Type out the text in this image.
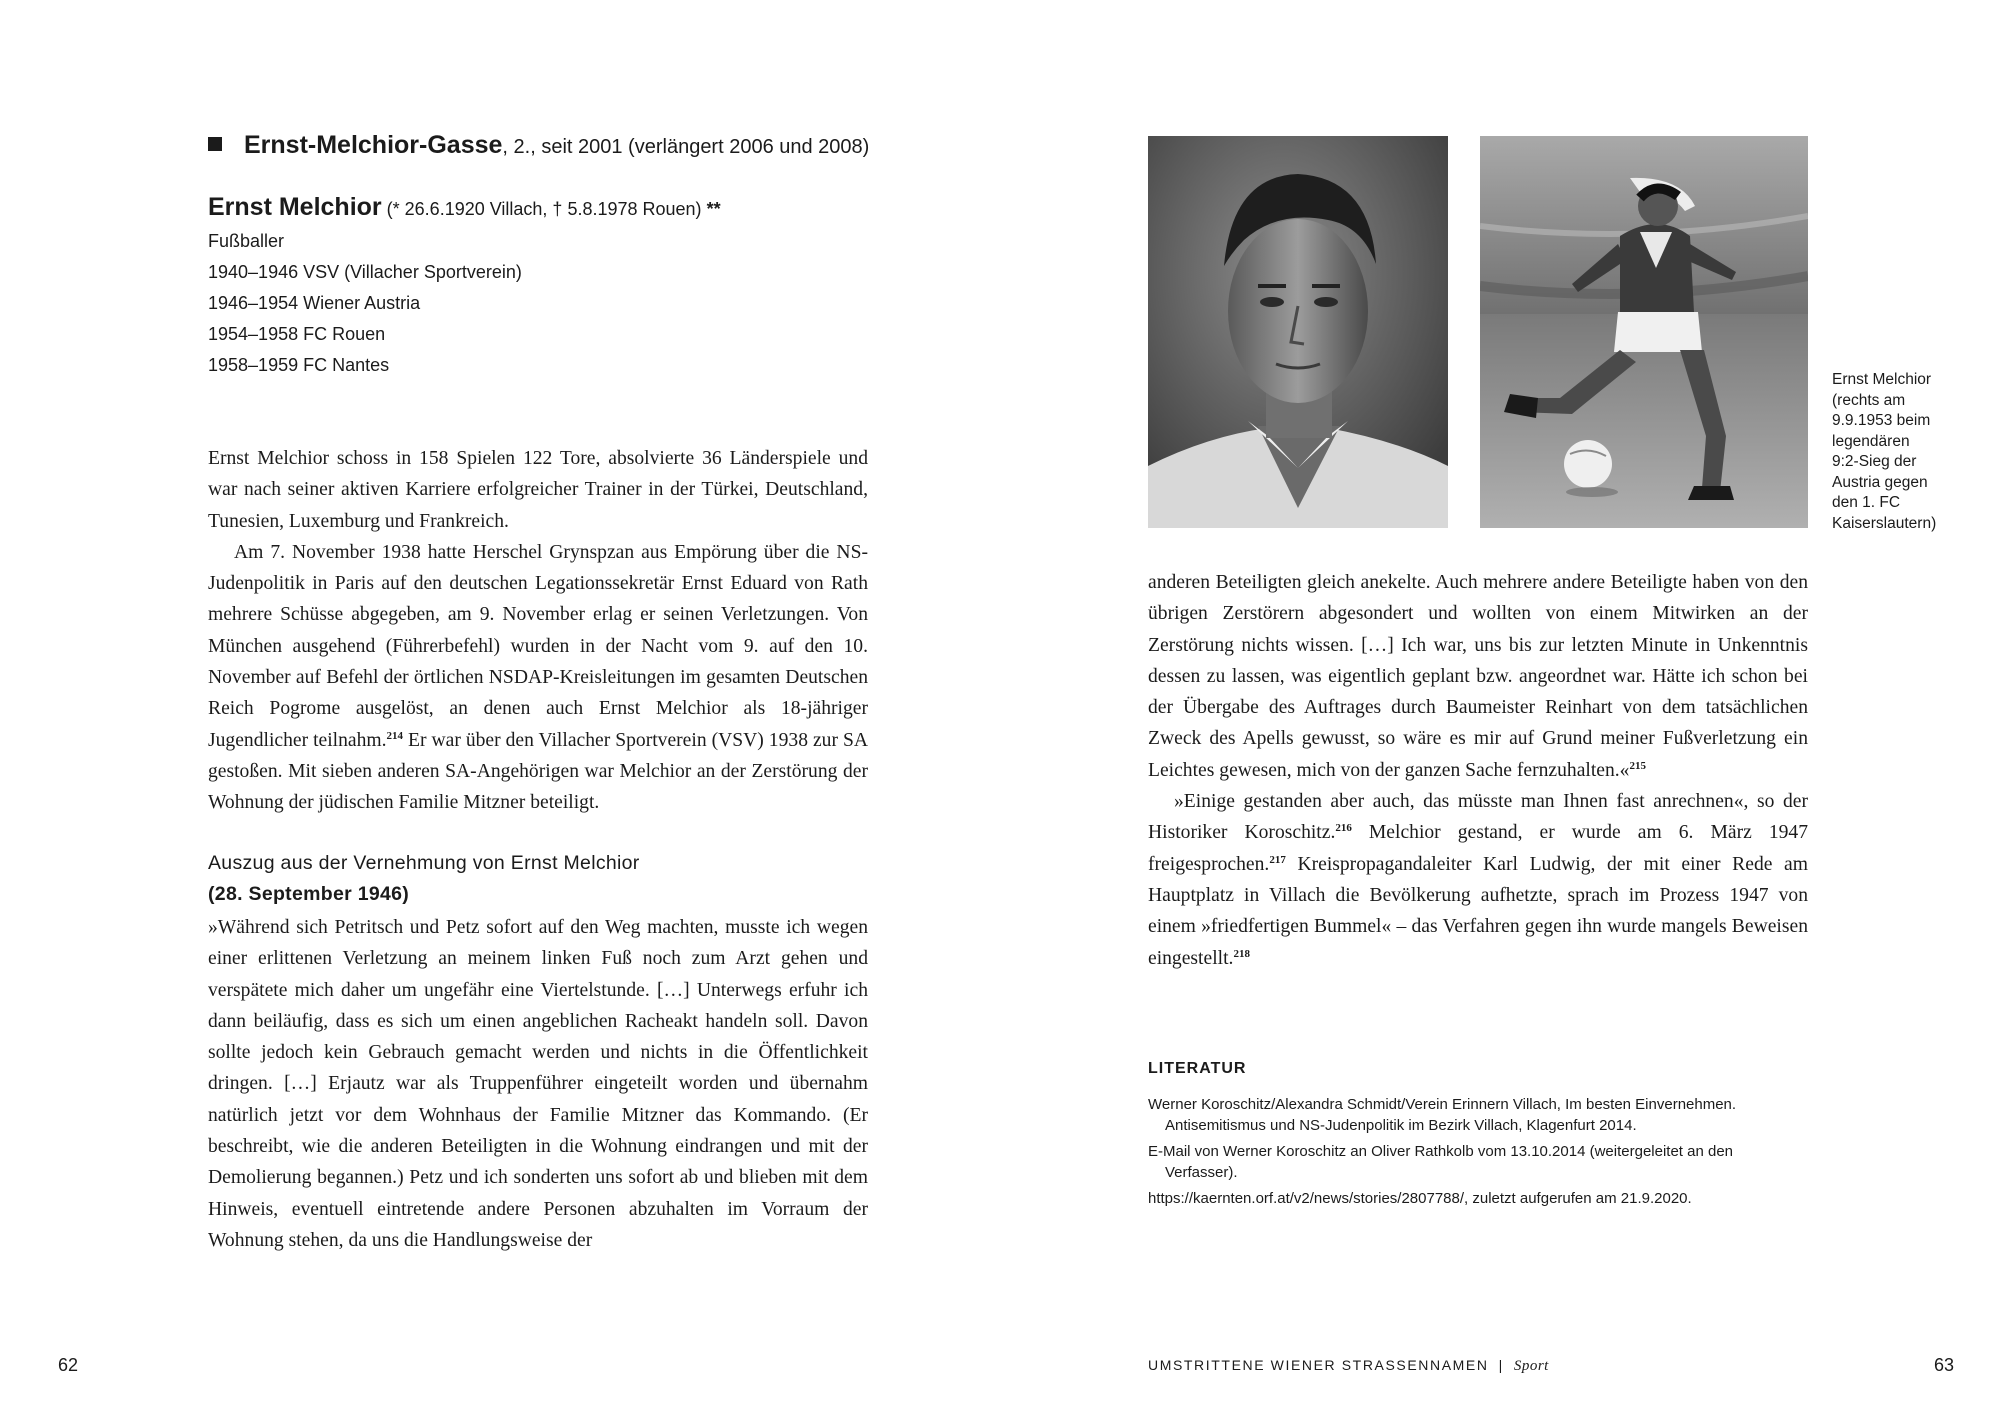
Ernst-Melchior-Gasse, 2., seit 2001 (verlängert 2006 und 2008)
Ernst Melchior (* 26.6.1920 Villach, † 5.8.1978 Rouen) **
Fußballer
1940–1946 VSV (Villacher Sportverein)
1946–1954 Wiener Austria
1954–1958 FC Rouen
1958–1959 FC Nantes

Ernst Melchior schoss in 158 Spielen 122 Tore, absolvierte 36 Länderspiele und war nach seiner aktiven Karriere erfolgreicher Trainer in der Türkei, Deutschland, Tunesien, Luxemburg und Frankreich.

Am 7. November 1938 hatte Herschel Grynspzan aus Empörung über die NS-Judenpolitik in Paris auf den deutschen Legationssekretär Ernst Eduard von Rath mehrere Schüsse abgegeben, am 9. November erlag er seinen Verletzungen. Von München ausgehend (Führerbefehl) wurden in der Nacht vom 9. auf den 10. November auf Befehl der örtlichen NSDAP-Kreisleitungen im gesamten Deutschen Reich Pogrome ausgelöst, an denen auch Ernst Melchior als 18-jähriger Jugendlicher teilnahm.$^{214}$ Er war über den Villacher Sportverein (VSV) 1938 zur SA gestoßen. Mit sieben anderen SA-Angehörigen war Melchior an der Zerstörung der Wohnung der jüdischen Familie Mitzner beteiligt.

Auszug aus der Vernehmung von Ernst Melchior
(28. September 1946)

»Während sich Petritsch und Petz sofort auf den Weg machten, musste ich wegen einer erlittenen Verletzung an meinem linken Fuß noch zum Arzt gehen und verspätete mich daher um ungefähr eine Viertelstunde. […] Unterwegs erfuhr ich dann beiläufig, dass es sich um einen angeblichen Racheakt handeln soll. Davon sollte jedoch kein Gebrauch gemacht werden und nichts in die Öffentlichkeit dringen. […] Erjautz war als Truppenführer eingeteilt worden und übernahm natürlich jetzt vor dem Wohnhaus der Familie Mitzner das Kommando. (Er beschreibt, wie die anderen Beteiligten in die Wohnung eindrangen und mit der Demolierung begannen.) Petz und ich sonderten uns sofort ab und blieben mit dem Hinweis, eventuell eintretende andere Personen abzuhalten im Vorraum der Wohnung stehen, da uns die Handlungsweise der

Ernst Melchior
(rechts am
9.9.1953 beim
legendären
9:2-Sieg der
Austria gegen
den 1. FC
Kaiserslautern)

anderen Beteiligten gleich anekelte. Auch mehrere andere Beteiligte haben von den übrigen Zerstörern abgesondert und wollten von einem Mitwirken an der Zerstörung nichts wissen. […] Ich war, uns bis zur letzten Minute in Unkenntnis dessen zu lassen, was eigentlich geplant bzw. angeordnet war. Hätte ich schon bei der Übergabe des Auftrages durch Baumeister Reinhart von dem tatsächlichen Zweck des Apells gewusst, so wäre es mir auf Grund meiner Fußverletzung ein Leichtes gewesen, mich von der ganzen Sache fernzuhalten.«$^{215}$

»Einige gestanden aber auch, das müsste man Ihnen fast anrechnen«, so der Historiker Koroschitz.$^{216}$ Melchior gestand, er wurde am 6. März 1947 freigesprochen.$^{217}$ Kreispropagandaleiter Karl Ludwig, der mit einer Rede am Hauptplatz in Villach die Bevölkerung aufhetzte, sprach im Prozess 1947 von einem »friedfertigen Bummel« – das Verfahren gegen ihn wurde mangels Beweisen eingestellt.$^{218}$

LITERATUR
Werner Koroschitz/Alexandra Schmidt/Verein Erinnern Villach, Im besten Einvernehmen.
Antisemitismus und NS-Judenpolitik im Bezirk Villach, Klagenfurt 2014.
E-Mail von Werner Koroschitz an Oliver Rathkolb vom 13.10.2014 (weitergeleitet an den
Verfasser).
https://kaernten.orf.at/v2/news/stories/2807788/, zuletzt aufgerufen am 21.9.2020.
62	UMSTRITTENE WIENER STRASSENNAMEN | Sport	63
